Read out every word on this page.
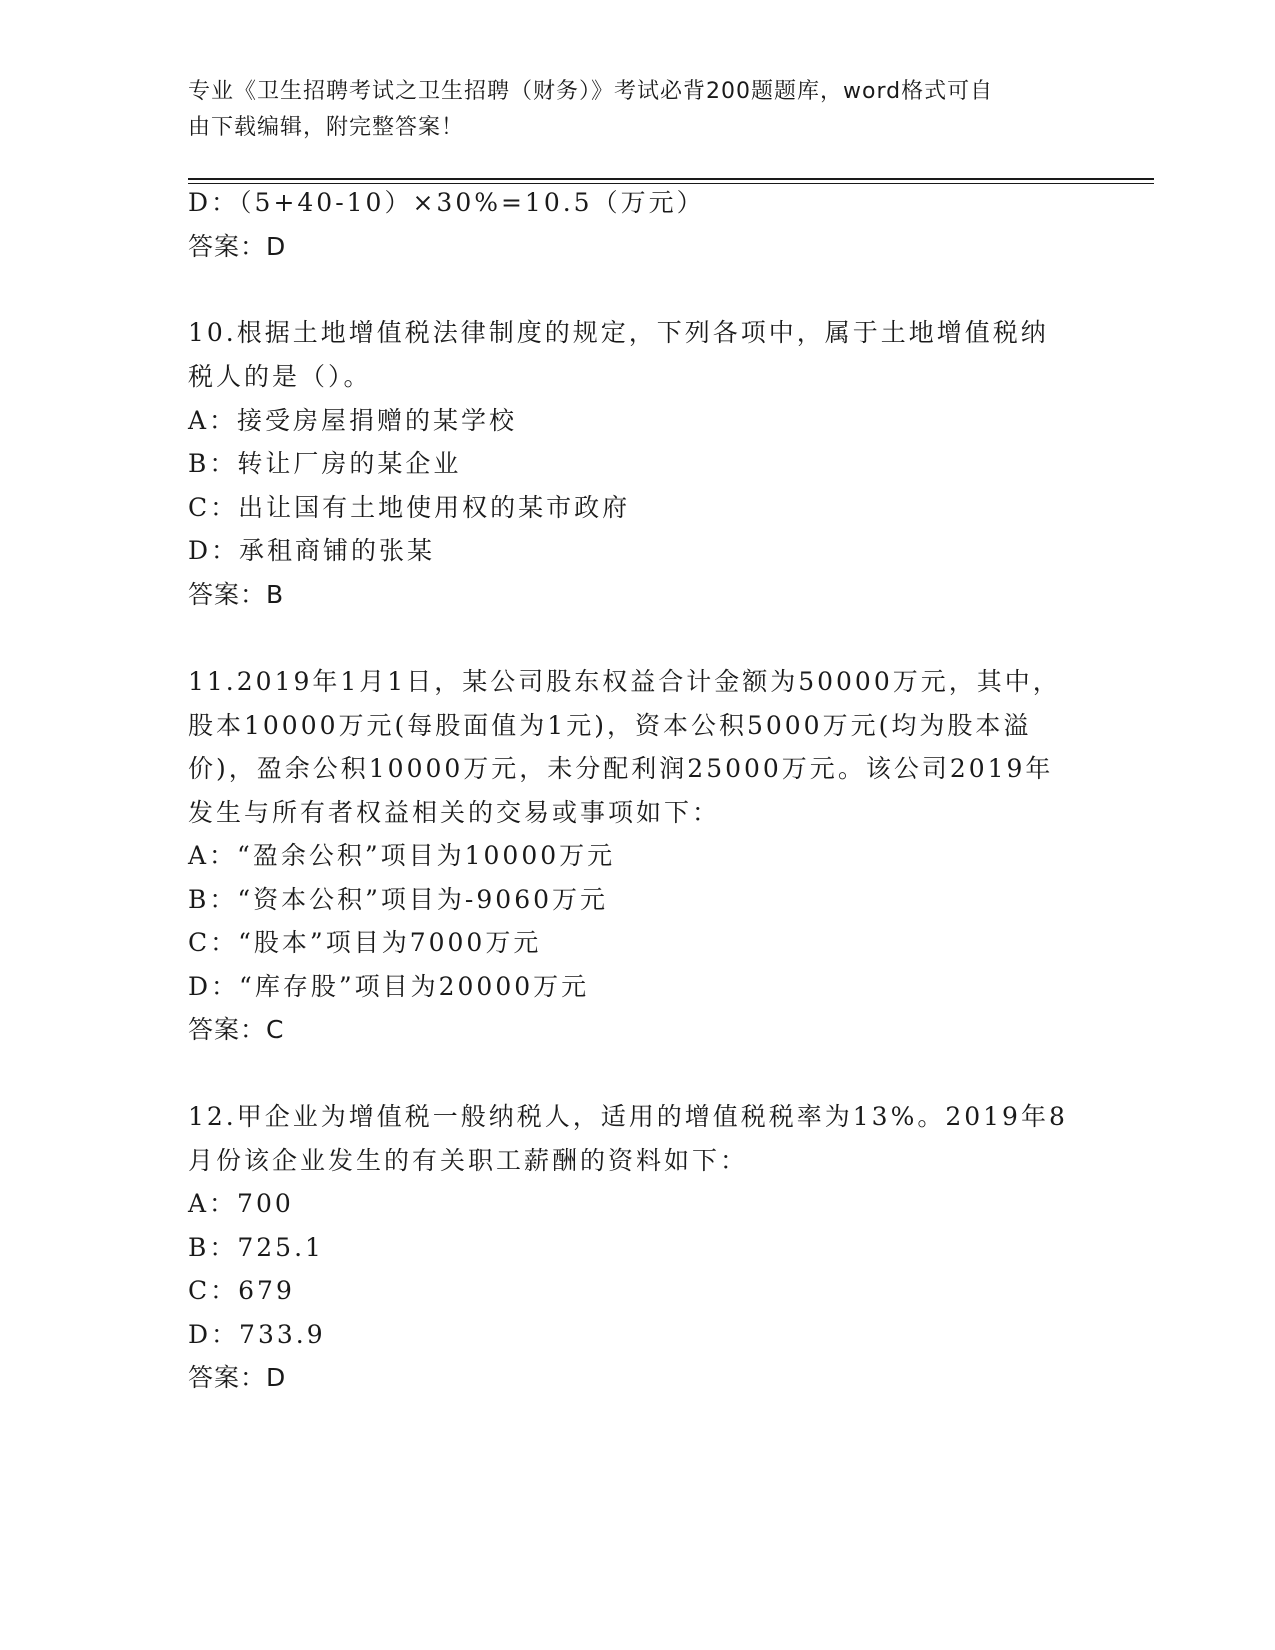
专业《卫生招聘考试之卫生招聘（财务）》考试必背200题题库，word格式可自
由下载编辑，附完整答案！
D：（5+40-10）×30%=10.5（万元）
答案：D
10.根据土地增值税法律制度的规定，下列各项中，属于土地增值税纳
税人的是（）。
A：接受房屋捐赠的某学校
B：转让厂房的某企业
C：出让国有土地使用权的某市政府
D：承租商铺的张某
答案：B
11.2019年1月1日，某公司股东权益合计金额为50000万元，其中，
股本10000万元(每股面值为1元)，资本公积5000万元(均为股本溢
价)，盈余公积10000万元，未分配利润25000万元。该公司2019年
发生与所有者权益相关的交易或事项如下：
A：“盈余公积”项目为10000万元
B：“资本公积”项目为-9060万元
C：“股本”项目为7000万元
D：“库存股”项目为20000万元
答案：C
12.甲企业为增值税一般纳税人，适用的增值税税率为13%。2019年8
月份该企业发生的有关职工薪酬的资料如下：
A：700
B：725.1
C：679
D：733.9
答案：D
